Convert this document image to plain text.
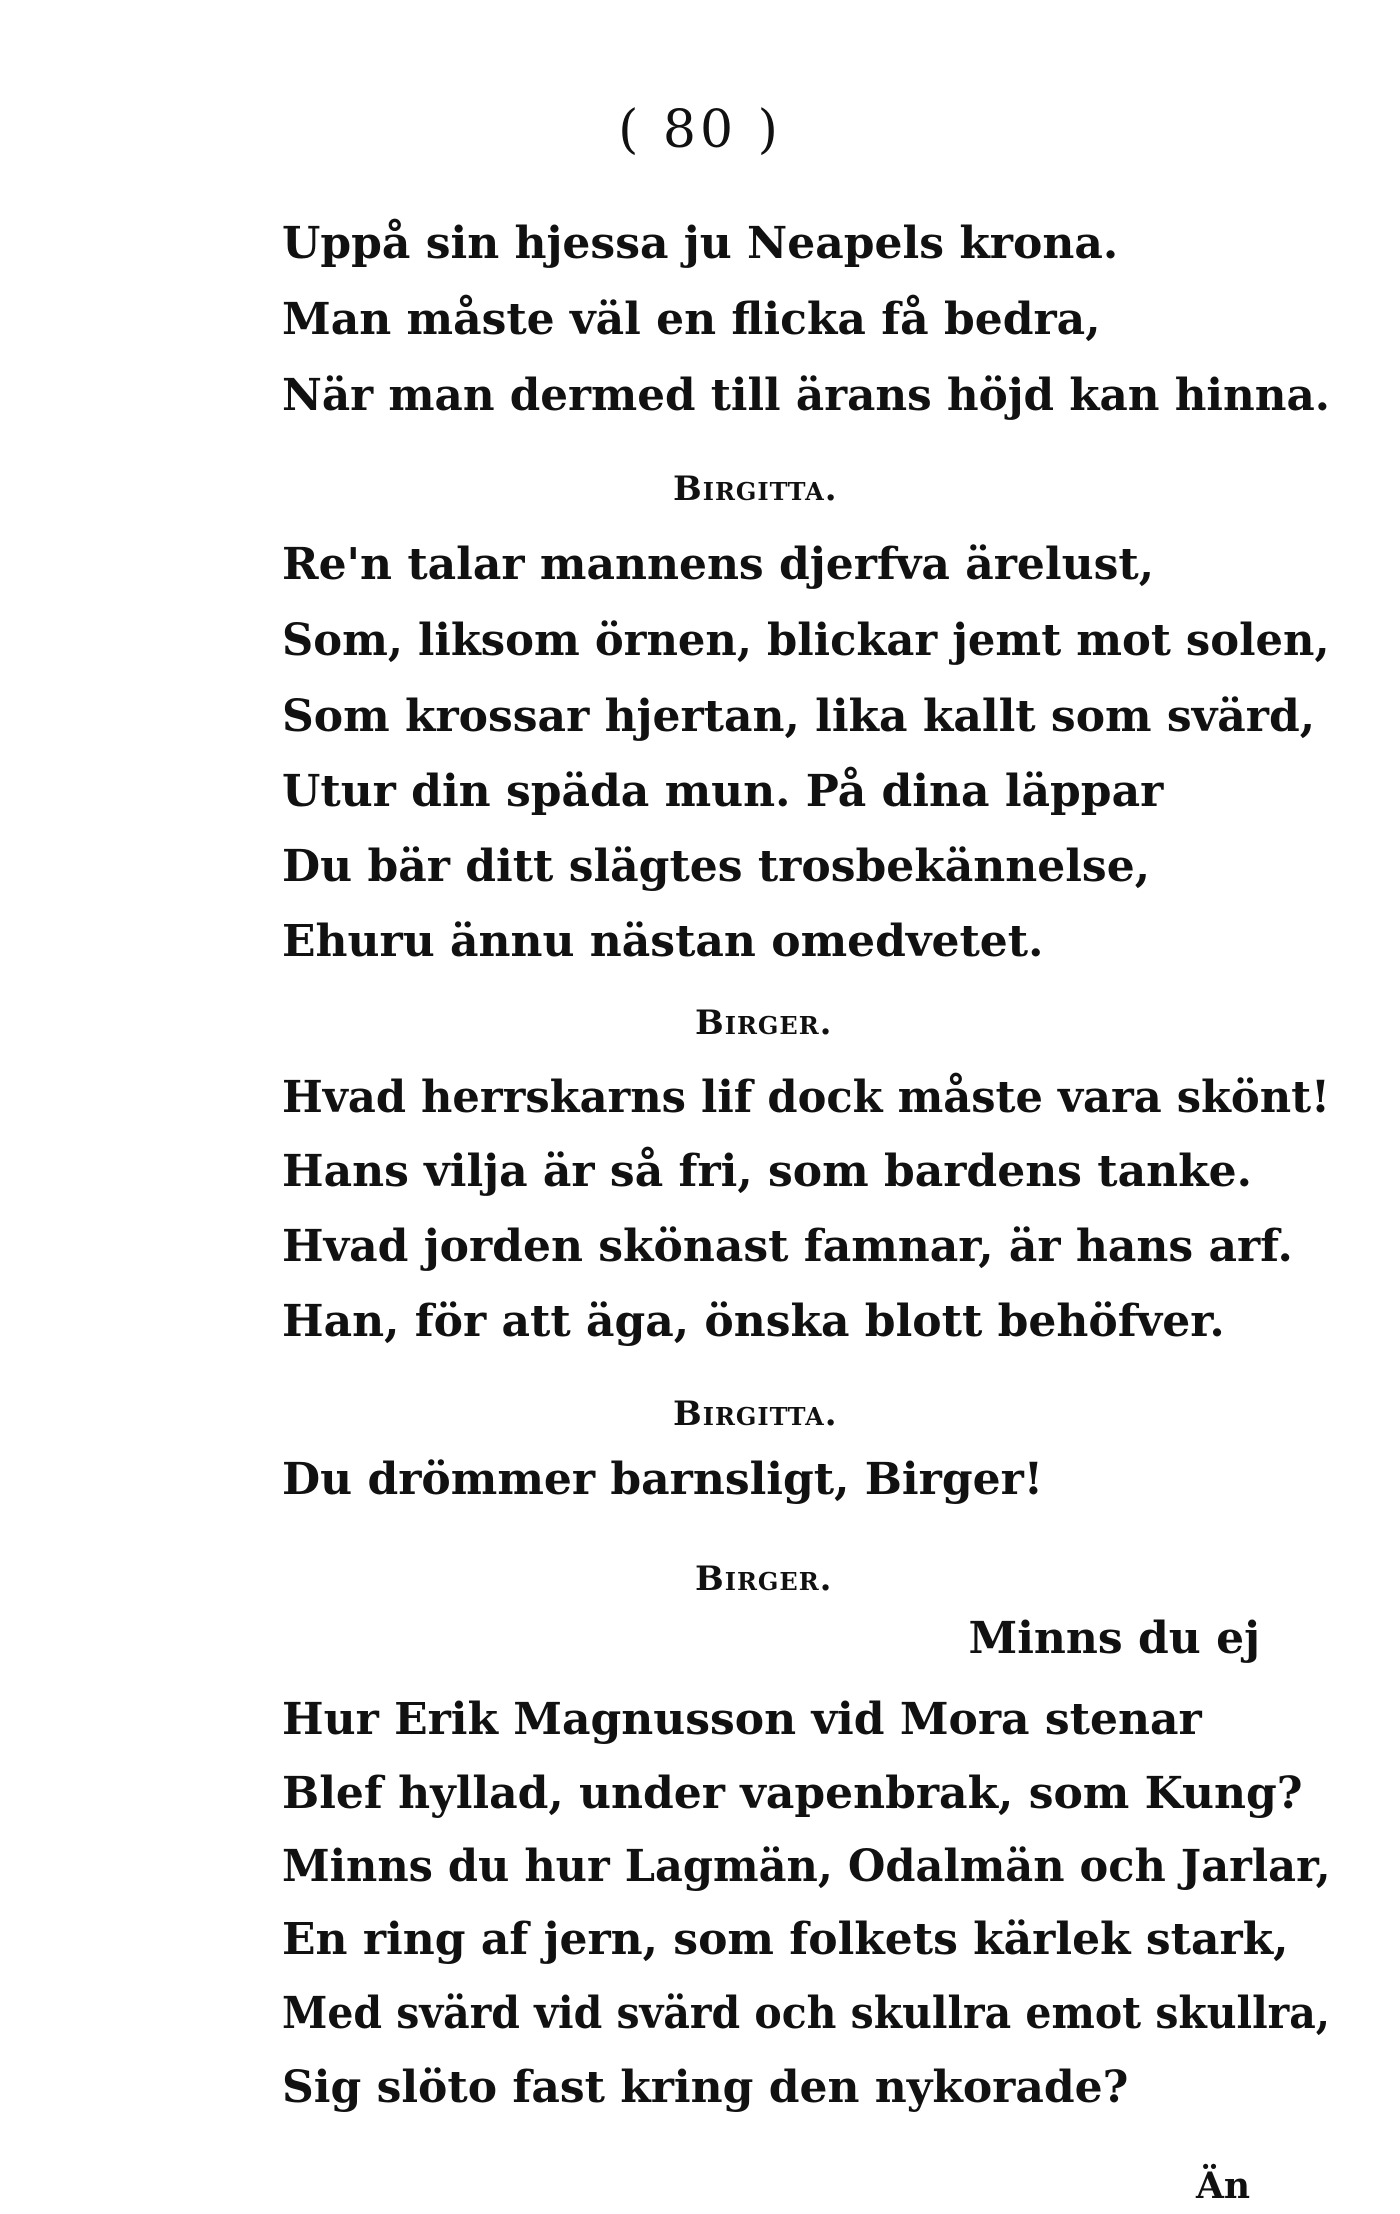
( 80 )
Uppå sin hjessa ju Neapels krona.
Man måste väl en flicka få bedra,
När man dermed till ärans höjd kan hinna.
Birgitta.
Re'n talar mannens djerfva ärelust,
Som, liksom örnen, blickar jemt mot solen,
Som krossar hjertan, lika kallt som svärd,
Utur din späda mun. På dina läppar
Du bär ditt slägtes trosbekännelse,
Ehuru ännu nästan omedvetet.
Birger.
Hvad herrskarns lif dock måste vara skönt!
Hans vilja är så fri, som bardens tanke.
Hvad jorden skönast famnar, är hans arf.
Han, för att äga, önska blott behöfver.
Birgitta.
Du drömmer barnsligt, Birger!
Birger.
Minns du ej
Hur Erik Magnusson vid Mora stenar
Blef hyllad, under vapenbrak, som Kung?
Minns du hur Lagmän, Odalmän och Jarlar,
En ring af jern, som folkets kärlek stark,
Med svärd vid svärd och skullra emot skullra,
Sig slöto fast kring den nykorade?
Än
